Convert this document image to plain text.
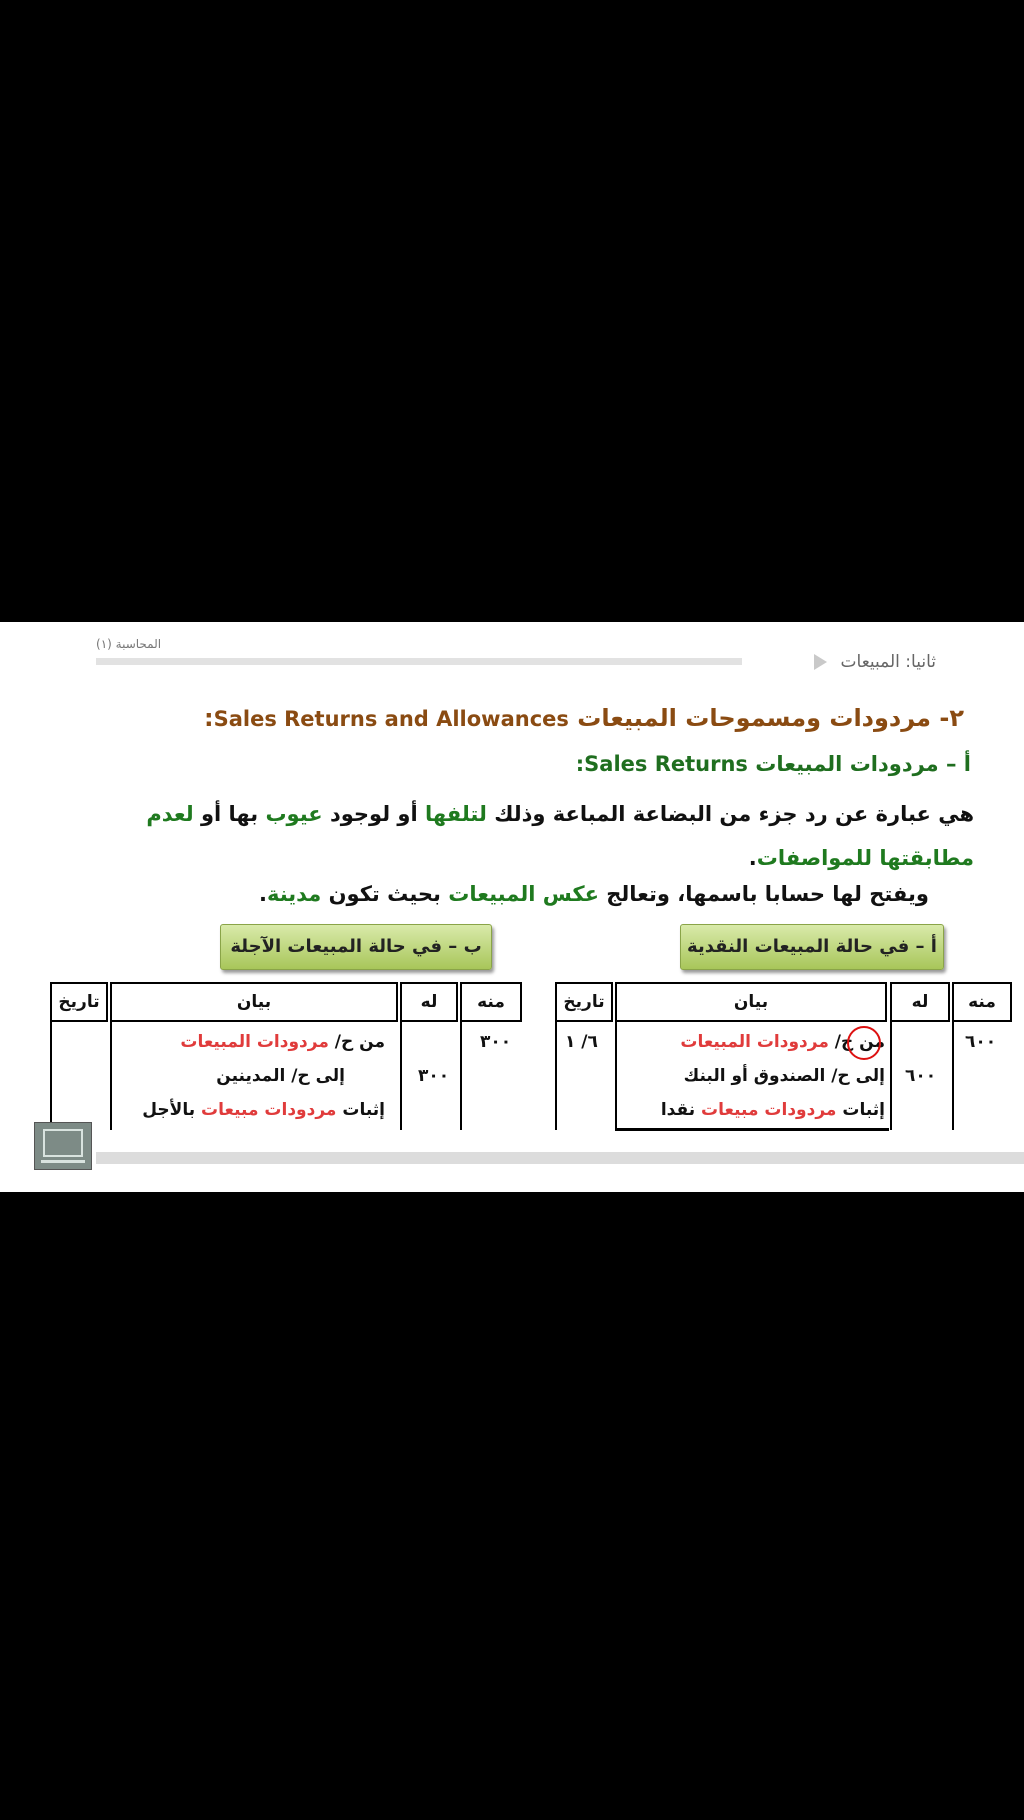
المحاسبة (١)
ثانيا: المبيعات
٢- مردودات ومسموحات المبيعات Sales Returns and Allowances:
أ – مردودات المبيعات Sales Returns:
هي عبارة عن رد جزء من البضاعة المباعة وذلك لتلفها أو لوجود عيوب بها أو لعدم مطابقتها للمواصفات.
ويفتح لها حسابا باسمها، وتعالج عكس المبيعات بحيث تكون مدينة.
أ – في حالة المبيعات النقدية
ب – في حالة المبيعات الآجلة
منه
له
بيان
تاريخ
٦٠٠
٦٠٠
٦/ ١	من ح/ مردودات المبيعات
إلى ح/ الصندوق أو البنك
إثبات مردودات مبيعات نقدا
منه
له
بيان
تاريخ
٣٠٠
٣٠٠
من ح/ مردودات المبيعات
إلى ح/ المدينين
إثبات مردودات مبيعات بالأجل
